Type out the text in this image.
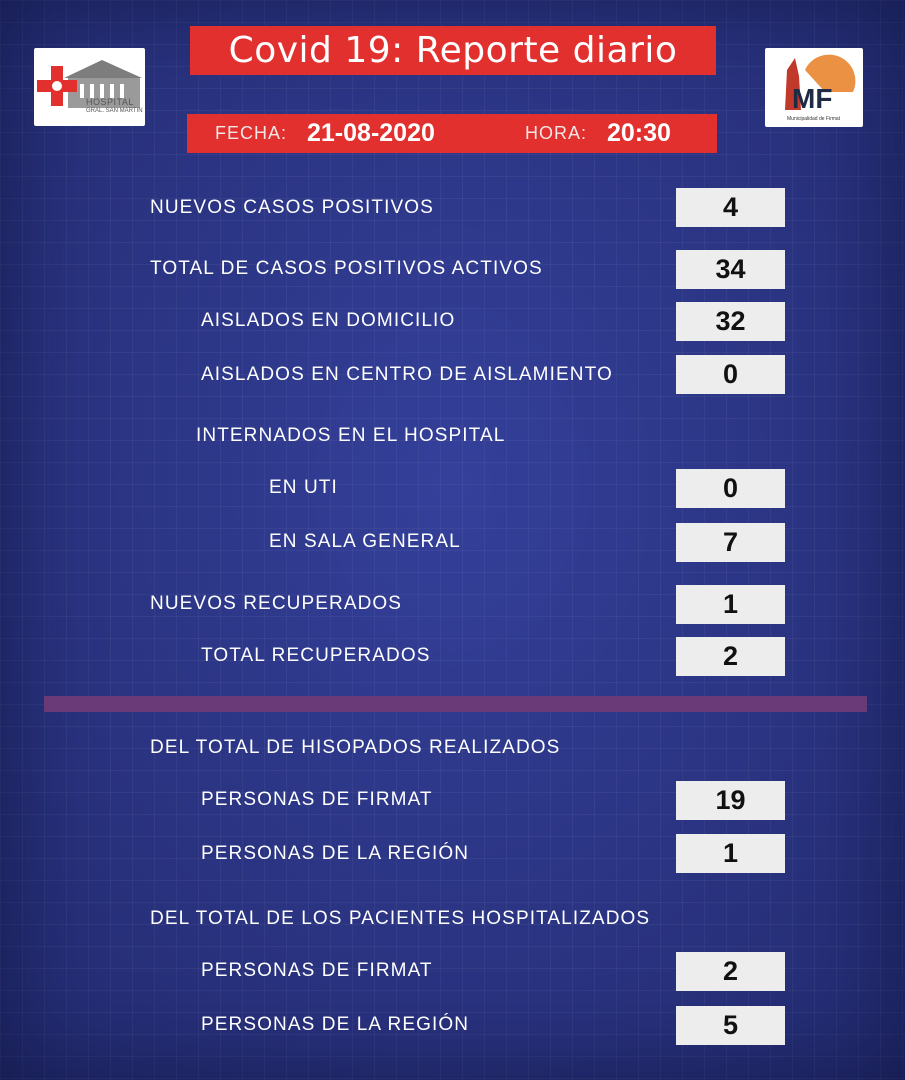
HOSPITAL
GRAL. SAN MARTIN	MF
Municipalidad de Firmat
Covid 19: Reporte diario
FECHA: 21-08-2020	HORA: 20:30
NUEVOS CASOS POSITIVOS	4
TOTAL DE CASOS POSITIVOS ACTIVOS	34
AISLADOS EN DOMICILIO	32
AISLADOS EN CENTRO DE AISLAMIENTO	0
INTERNADOS EN EL HOSPITAL
EN UTI	0
EN SALA GENERAL	7
NUEVOS RECUPERADOS	1
TOTAL RECUPERADOS	2
DEL TOTAL DE HISOPADOS REALIZADOS
PERSONAS DE FIRMAT	19
PERSONAS DE LA REGIÓN	1
DEL TOTAL DE LOS PACIENTES HOSPITALIZADOS
PERSONAS DE FIRMAT	2
PERSONAS DE LA REGIÓN	5
